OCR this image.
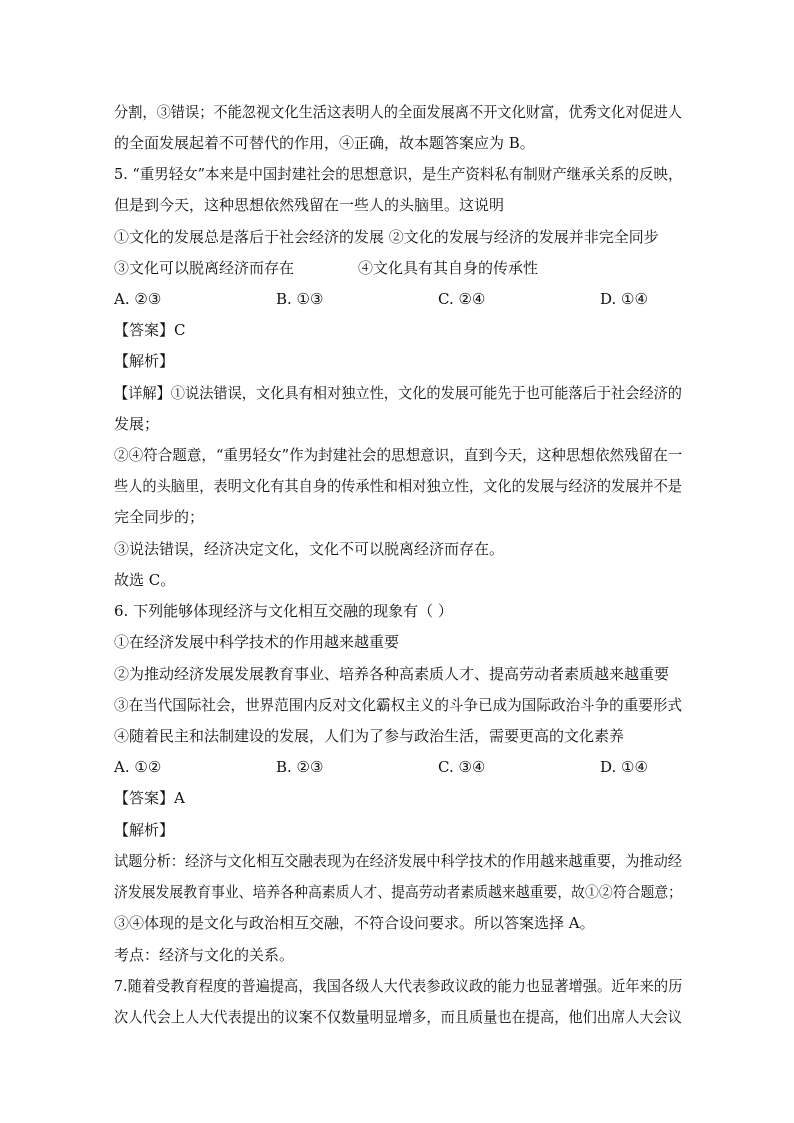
分割，③错误；不能忽视文化生活这表明人的全面发展离不开文化财富，优秀文化对促进人
的全面发展起着不可替代的作用，④正确，故本题答案应为 B。
5. “重男轻女”本来是中国封建社会的思想意识，是生产资料私有制财产继承关系的反映，
但是到今天，这种思想依然残留在一些人的头脑里。这说明
①文化的发展总是落后于社会经济的发展 ②文化的发展与经济的发展并非完全同步
③文化可以脱离经济而存在	④文化具有其自身的传承性
A. ②③	B. ①③	C. ②④	D. ①④
【答案】C
【解析】
【详解】①说法错误，文化具有相对独立性，文化的发展可能先于也可能落后于社会经济的
发展；
②④符合题意，“重男轻女”作为封建社会的思想意识，直到今天，这种思想依然残留在一
些人的头脑里，表明文化有其自身的传承性和相对独立性，文化的发展与经济的发展并不是
完全同步的；
③说法错误，经济决定文化，文化不可以脱离经济而存在。
故选 C。
6. 下列能够体现经济与文化相互交融的现象有（ ）
①在经济发展中科学技术的作用越来越重要
②为推动经济发展发展教育事业、培养各种高素质人才、提高劳动者素质越来越重要
③在当代国际社会，世界范围内反对文化霸权主义的斗争已成为国际政治斗争的重要形式
④随着民主和法制建设的发展，人们为了参与政治生活，需要更高的文化素养
A. ①②	B. ②③	C. ③④	D. ①④
【答案】A
【解析】
试题分析：经济与文化相互交融表现为在经济发展中科学技术的作用越来越重要，为推动经
济发展发展教育事业、培养各种高素质人才、提高劳动者素质越来越重要，故①②符合题意；
③④体现的是文化与政治相互交融，不符合设问要求。所以答案选择 A。
考点：经济与文化的关系。
7.随着受教育程度的普遍提高，我国各级人大代表参政议政的能力也显著增强。近年来的历
次人代会上人大代表提出的议案不仅数量明显增多，而且质量也在提高，他们出席人大会议
